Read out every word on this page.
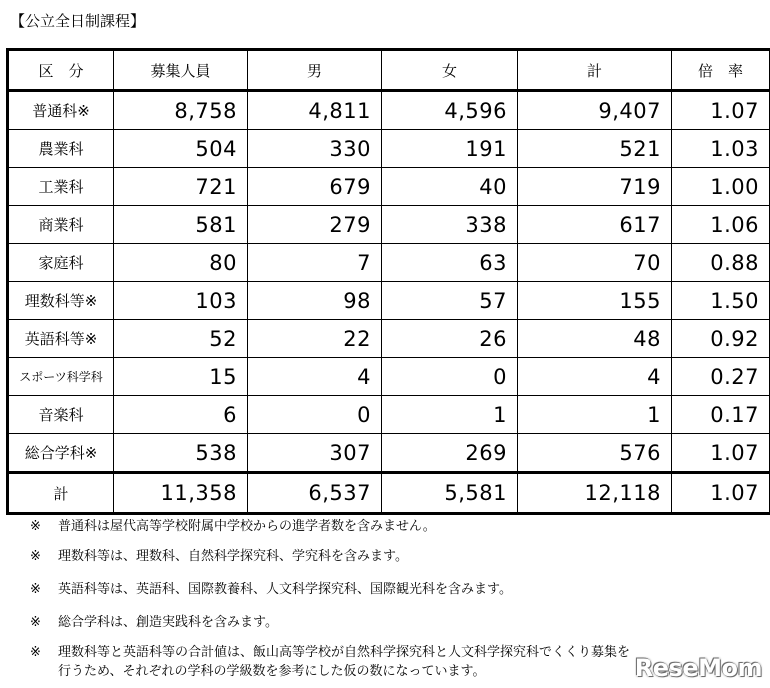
【公立全日制課程】
区　分	募集人員	男	女	計	倍　率
普通科※	8,758	4,811	4,596	9,407	1.07
農業科	504	330	191	521	1.03
工業科	721	679	40	719	1.00
商業科	581	279	338	617	1.06
家庭科	80	7	63	70	0.88
理数科等※	103	98	57	155	1.50
英語科等※	52	22	26	48	0.92
スポーツ科学科	15	4	0	4	0.27
音楽科	6	0	1	1	0.17
総合学科※	538	307	269	576	1.07
計	11,358	6,537	5,581	12,118	1.07
※ 普通科は屋代高等学校附属中学校からの進学者数を含みません。
※ 理数科等は、理数科、自然科学探究科、学究科を含みます。
※ 英語科等は、英語科、国際教養科、人文科学探究科、国際観光科を含みます。
※ 総合学科は、創造実践科を含みます。
※ 理数科等と英語科等の合計値は、飯山高等学校が自然科学探究科と人文科学探究科でくくり募集を
行うため、それぞれの学科の学級数を参考にした仮の数になっています。	ReseMom
